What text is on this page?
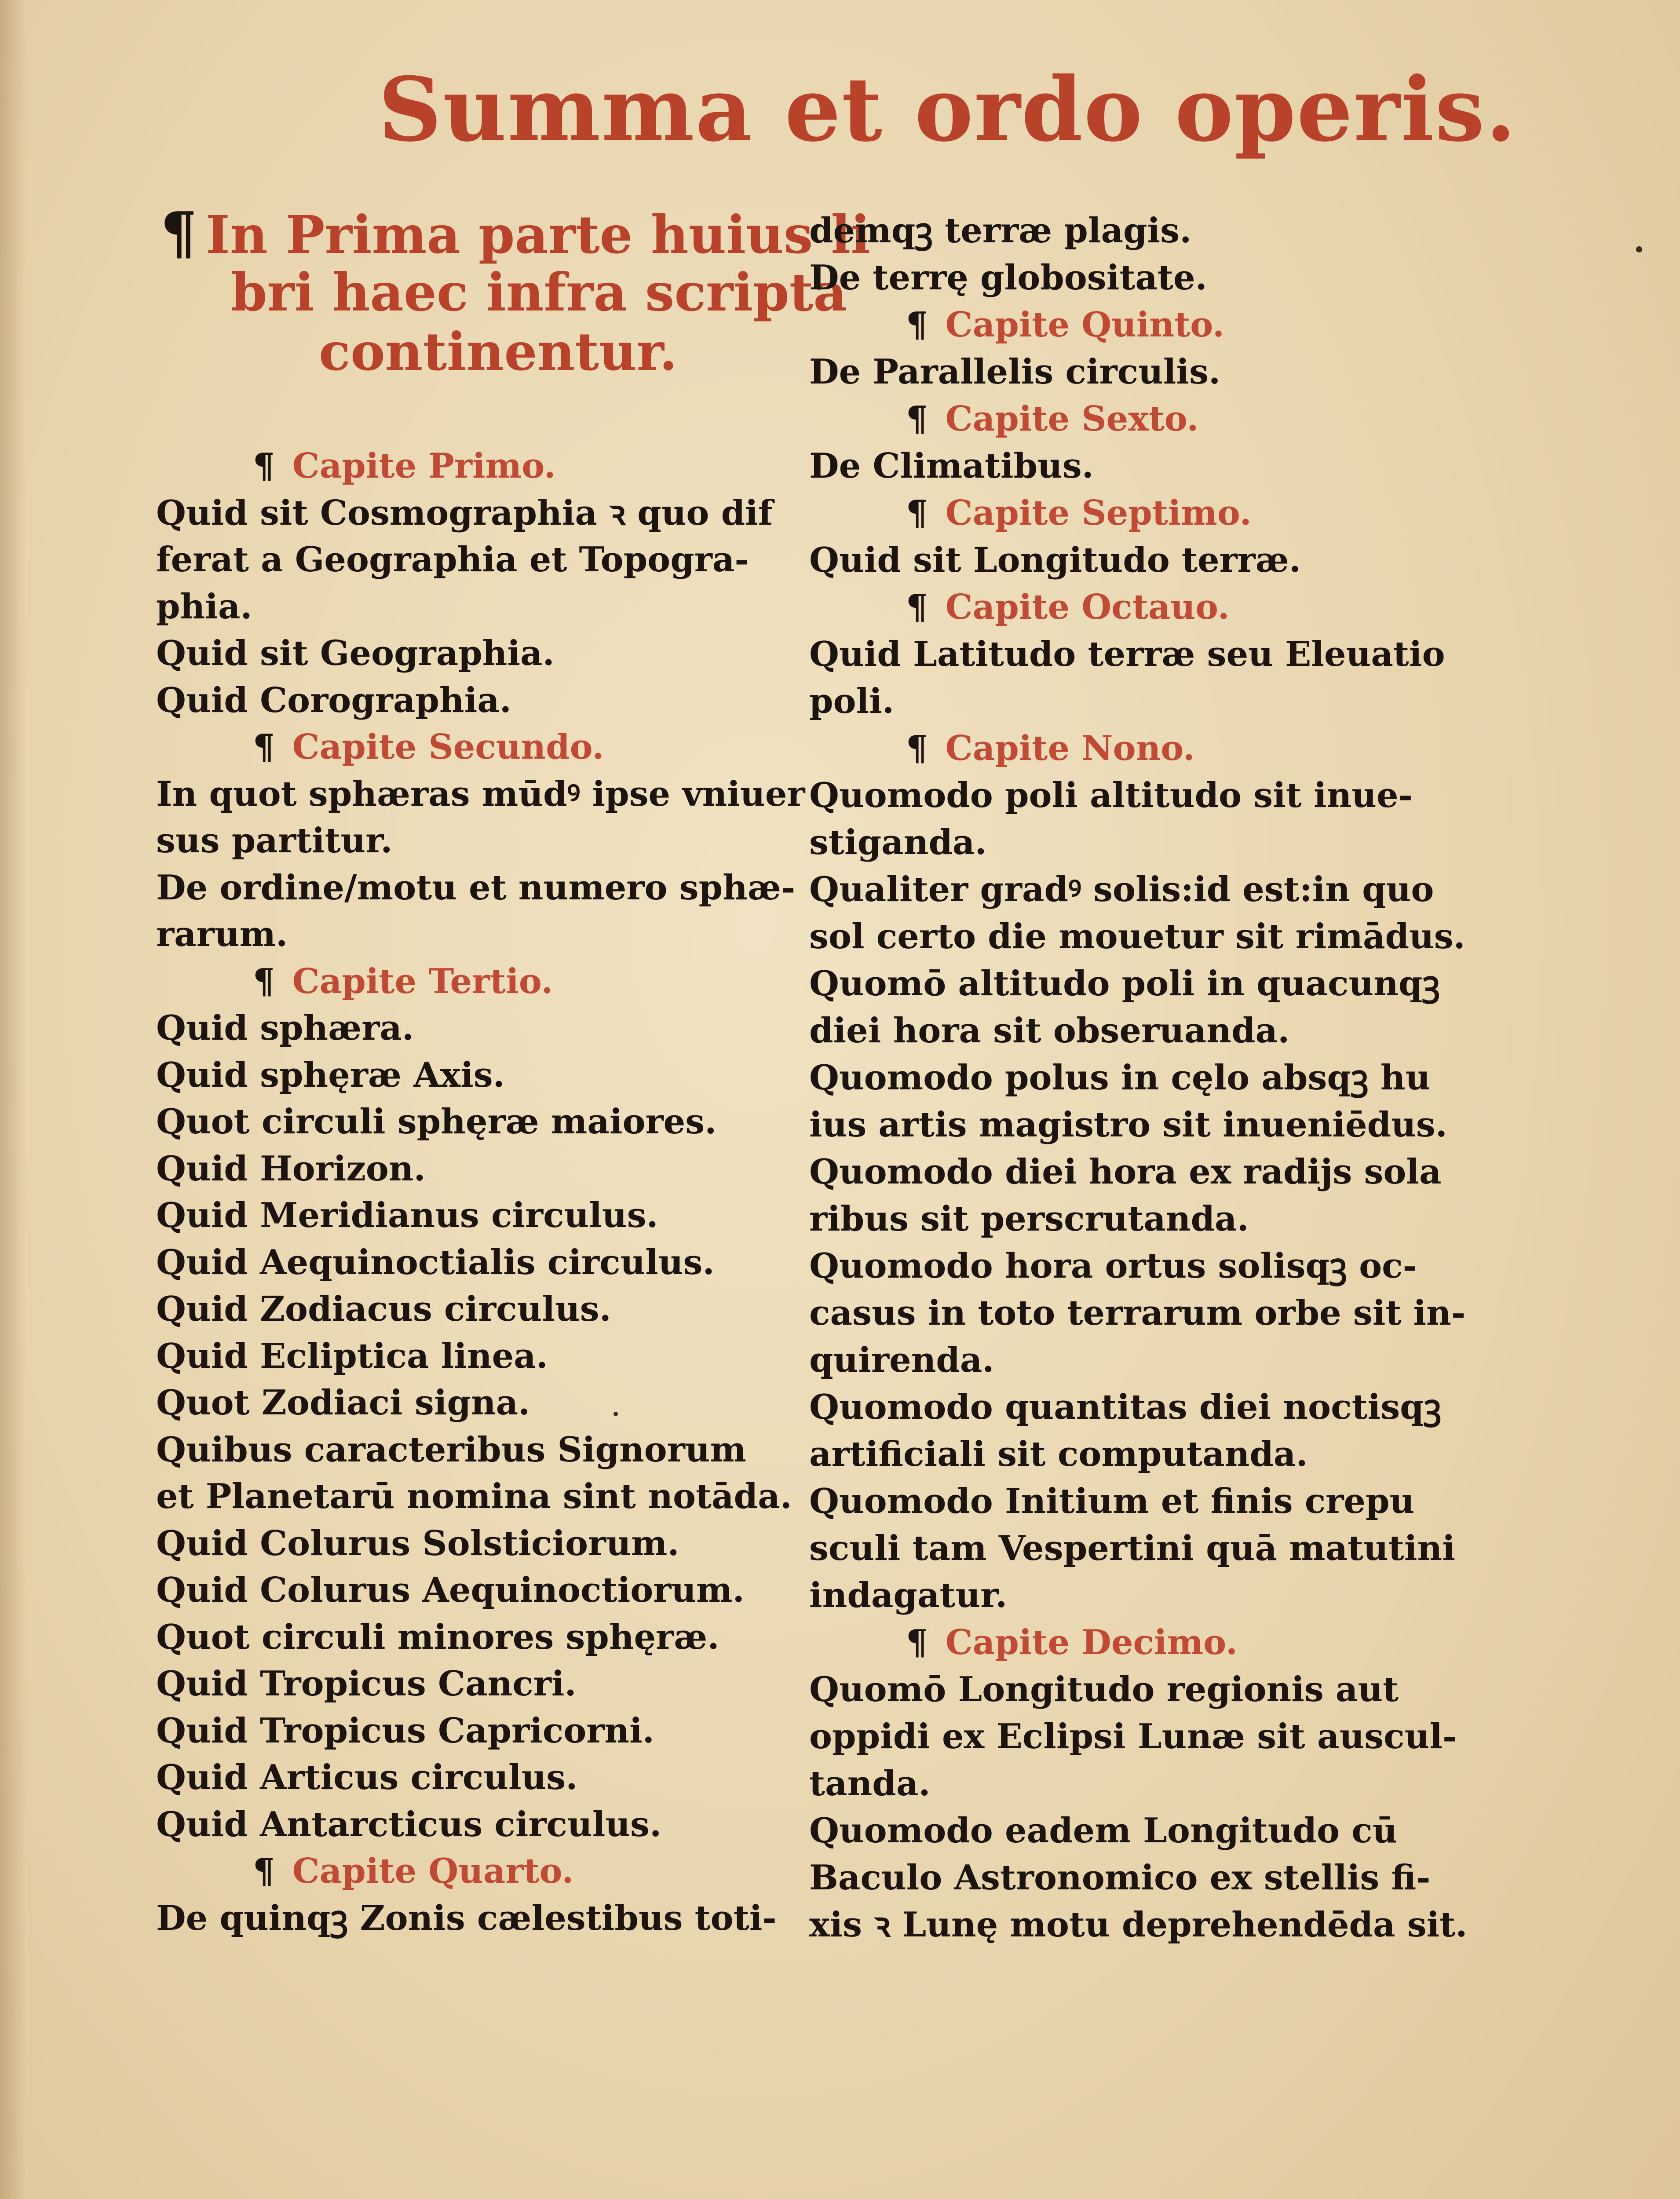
Summa et ordo operis.
¶ In Prima parte huius li
bri haec infra scripta
continentur.
¶ Capite Primo.
Quid sit Cosmographia ꝛ quo dif
ferat a Geographia et Topogra-
phia.
Quid sit Geographia.
Quid Corographia.
¶ Capite Secundo.
In quot sphæras mūdꝰ ipse vniuer
sus partitur.
De ordine/motu et numero sphæ-
rarum.
¶ Capite Tertio.
Quid sphæra.
Quid sphęræ Axis.
Quot circuli sphęræ maiores.
Quid Horizon.
Quid Meridianus circulus.
Quid Aequinoctialis circulus.
Quid Zodiacus circulus.
Quid Ecliptica linea.
Quot Zodiaci signa.
Quibus caracteribus Signorum
et Planetarū nomina sint notāda.
Quid Colurus Solsticiorum.
Quid Colurus Aequinoctiorum.
Quot circuli minores sphęræ.
Quid Tropicus Cancri.
Quid Tropicus Capricorni.
Quid Articus circulus.
Quid Antarcticus circulus.
¶ Capite Quarto.
De quinqꝫ Zonis cælestibus toti-
demqꝫ terræ plagis.
De terrę globositate.
¶ Capite Quinto.
De Parallelis circulis.
¶ Capite Sexto.
De Climatibus.
¶ Capite Septimo.
Quid sit Longitudo terræ.
¶ Capite Octauo.
Quid Latitudo terræ seu Eleuatio
poli.
¶ Capite Nono.
Quomodo poli altitudo sit inue-
stiganda.
Qualiter gradꝰ solis:id est:in quo
sol certo die mouetur sit rimādus.
Quomō altitudo poli in quacunqꝫ
diei hora sit obseruanda.
Quomodo polus in cęlo absqꝫ hu
ius artis magistro sit inueniēdus.
Quomodo diei hora ex radijs sola
ribus sit perscrutanda.
Quomodo hora ortus solisqꝫ oc-
casus in toto terrarum orbe sit in-
quirenda.
Quomodo quantitas diei noctisqꝫ
artificiali sit computanda.
Quomodo Initium et finis crepu
sculi tam Vespertini quā matutini
indagatur.
¶ Capite Decimo.
Quomō Longitudo regionis aut
oppidi ex Eclipsi Lunæ sit auscul-
tanda.
Quomodo eadem Longitudo cū
Baculo Astronomico ex stellis fi-
xis ꝛ Lunę motu deprehendēda sit.
